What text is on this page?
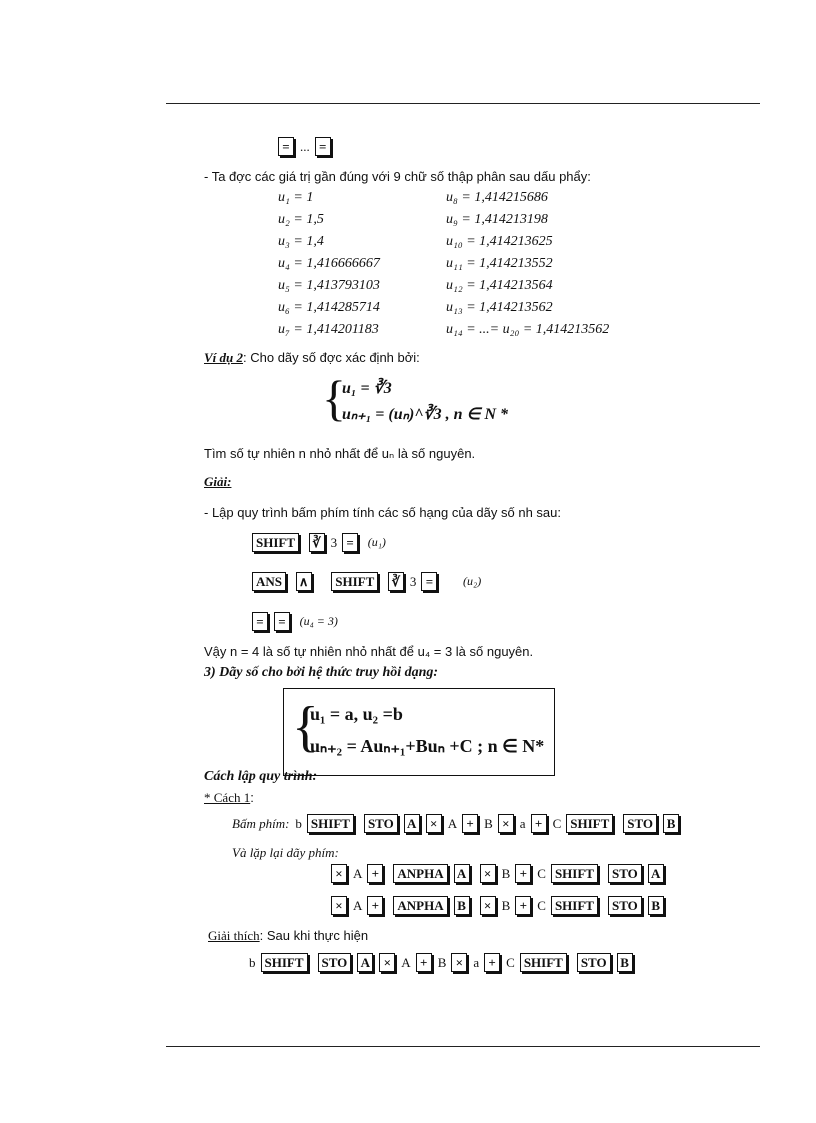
= ... =
- Ta đợc các giá trị gần đúng với 9 chữ số thập phân sau dấu phẩy:
u₁ = 1
u₂ = 1,5
u₃ = 1,4
u₄ = 1,416666667
u₅ = 1,413793103
u₆ = 1,414285714
u₇ = 1,414201183
u₈ = 1,414215686
u₉ = 1,414213198
u₁₀ = 1,414213625
u₁₁ = 1,414213552
u₁₂ = 1,414213564
u₁₃ = 1,414213562
u₁₄ = ...= u₂₀ = 1,414213562
Ví dụ 2: Cho dãy số đợc xác định bởi:
{
u₁ = ∛3
uₙ₊₁ = (uₙ)^∛3 , n ∈ N *
Tìm số tự nhiên n nhỏ nhất để uₙ là số nguyên.
Giải:
- Lập quy trình bấm phím tính các số hạng của dãy số nh sau:
SHIFT ∛ 3 = (u₁)
ANS ∧ SHIFT ∛ 3 = (u₂)
= = (u₄ = 3)
Vậy n = 4 là số tự nhiên nhỏ nhất để u₄ = 3 là số nguyên.
3) Dãy số cho bởi hệ thức truy hồi dạng:
{
u₁ = a, u₂ =b
uₙ₊₂ = Auₙ₊₁+Buₙ +C ; n ∈ N*
Cách lập quy trình:
* Cách 1:
Bấm phím: b SHIFT STO A × A + B × a + C SHIFT STO B
Và lặp lại dãy phím:
× A + ANPHA A × B + C SHIFT STO A
× A + ANPHA B × B + C SHIFT STO B
Giải thích: Sau khi thực hiện
b SHIFT STO A × A + B × a + C SHIFT STO B
